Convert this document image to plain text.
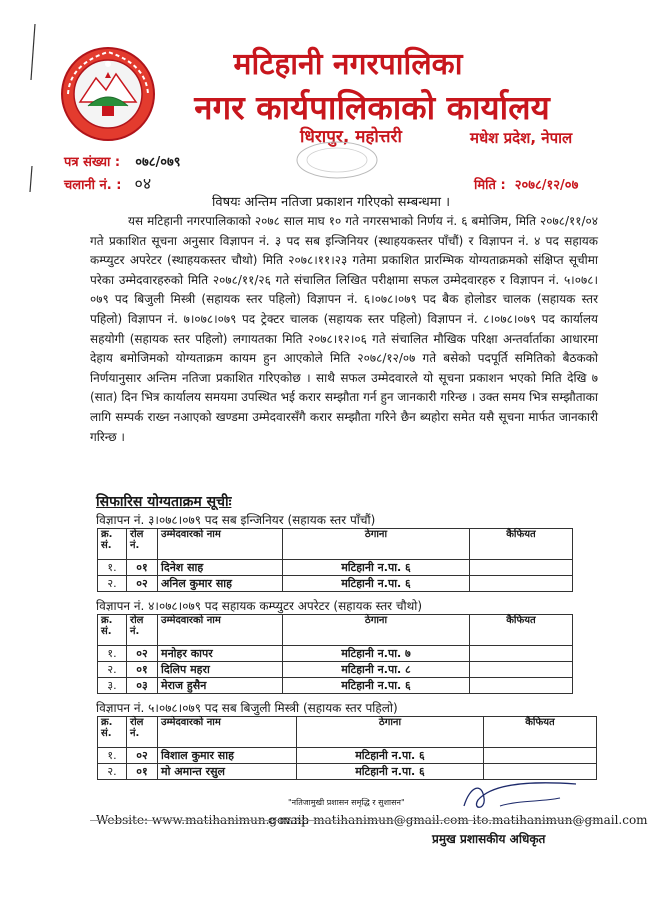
मटिहानी नगरपालिका
नगर कार्यपालिकाको कार्यालय
धिरापुर, महोत्तरी	मधेश प्रदेश, नेपाल
पत्र संख्या : ०७८/०७९
चलानी नं. : ०४	मिति : २०७८/१२/०७
विषयः अन्तिम नतिजा प्रकाशन गरिएको सम्बन्धमा ।
यस मटिहानी नगरपालिकाको २०७८ साल माघ १० गते नगरसभाको निर्णय नं. ६ बमोजिम, मिति २०७८/११/०४ गते प्रकाशित सूचना अनुसार विज्ञापन नं. ३ पद सब इन्जिनियर (स्थाहयकस्तर पाँचौं) र विज्ञापन नं. ४ पद सहायक कम्प्युटर अपरेटर (स्थाहयकस्तर चौथो) मिति २०७८।११।२३ गतेमा प्रकाशित प्रारम्भिक योग्यताक्रमको संक्षिप्त सूचीमा परेका उम्मेदवारहरुको मिति २०७८/११/२६ गते संचालित लिखित परीक्षामा सफल उम्मेदवारहरु र विज्ञापन नं. ५।०७८।०७९ पद बिजुली मिस्त्री (सहायक स्तर पहिलो) विज्ञापन नं. ६।०७८।०७९ पद बैक होलोडर चालक (सहायक स्तर पहिलो) विज्ञापन नं. ७।०७८।०७९ पद ट्रेक्टर चालक (सहायक स्तर पहिलो) विज्ञापन नं. ८।०७८।०७९ पद कार्यालय सहयोगी (सहायक स्तर पहिलो) लगायतका मिति २०७८।१२।०६ गते संचालित मौखिक परिक्षा अन्तर्वार्ताका आधारमा देहाय बमोजिमको योग्यताक्रम कायम हुन आएकोले मिति २०७८/१२/०७ गते बसेको पदपूर्ति समितिको बैठकको निर्णयानुसार अन्तिम नतिजा प्रकाशित गरिएकोछ । साथै सफल उम्मेदवारले यो सूचना प्रकाशन भएको मिति देखि ७ (सात) दिन भित्र कार्यालय समयमा उपस्थित भई करार सम्झौता गर्न हुन जानकारी गरिन्छ । उक्त समय भित्र सम्झौताका लागि सम्पर्क राख्न नआएको खण्डमा उम्मेदवारसँगै करार सम्झौता गरिने छैन ब्यहोरा समेत यसै सूचना मार्फत जानकारी गरिन्छ ।
सिफारिस योग्यताक्रम सूचीः
विज्ञापन नं. ३।०७८।०७९ पद सब इन्जिनियर (सहायक स्तर पाँचौं)
क्र. सं.	रोल नं.	उम्मेदवारको नाम	ठेगाना	कैफियत
१.	०१	दिनेश साह	मटिहानी न.पा. ६	
२.	०२	अनिल कुमार साह	मटिहानी न.पा. ६	
विज्ञापन नं. ४।०७८।०७९ पद सहायक कम्प्युटर अपरेटर (सहायक स्तर चौथो)
क्र. सं.	रोल नं.	उम्मेदवारको नाम	ठेगाना	कैफियत
१.	०२	मनोहर कापर	मटिहानी न.पा. ७	
२.	०१	दिलिप महरा	मटिहानी न.पा. ८	
३.	०३	मेराज हुसैन	मटिहानी न.पा. ६	
विज्ञापन नं. ५।०७८।०७९ पद सब बिजुली मिस्त्री (सहायक स्तर पहिलो)
क्र. सं.	रोल नं.	उम्मेदवारको नाम	ठेगाना	कैफियत
१.	०२	विशाल कुमार साह	मटिहानी न.पा. ६	
२.	०१	मो अमान्त रसुल	मटिहानी न.पा. ६	
"नतिजामुखी प्रशासन समृद्धि र सुशासन"
Website: www.matihanimun.gov.np
e-mail: matihanimun@gmail.com ito.matihanimun@gmail.com
प्रमुख प्रशासकीय अधिकृत
